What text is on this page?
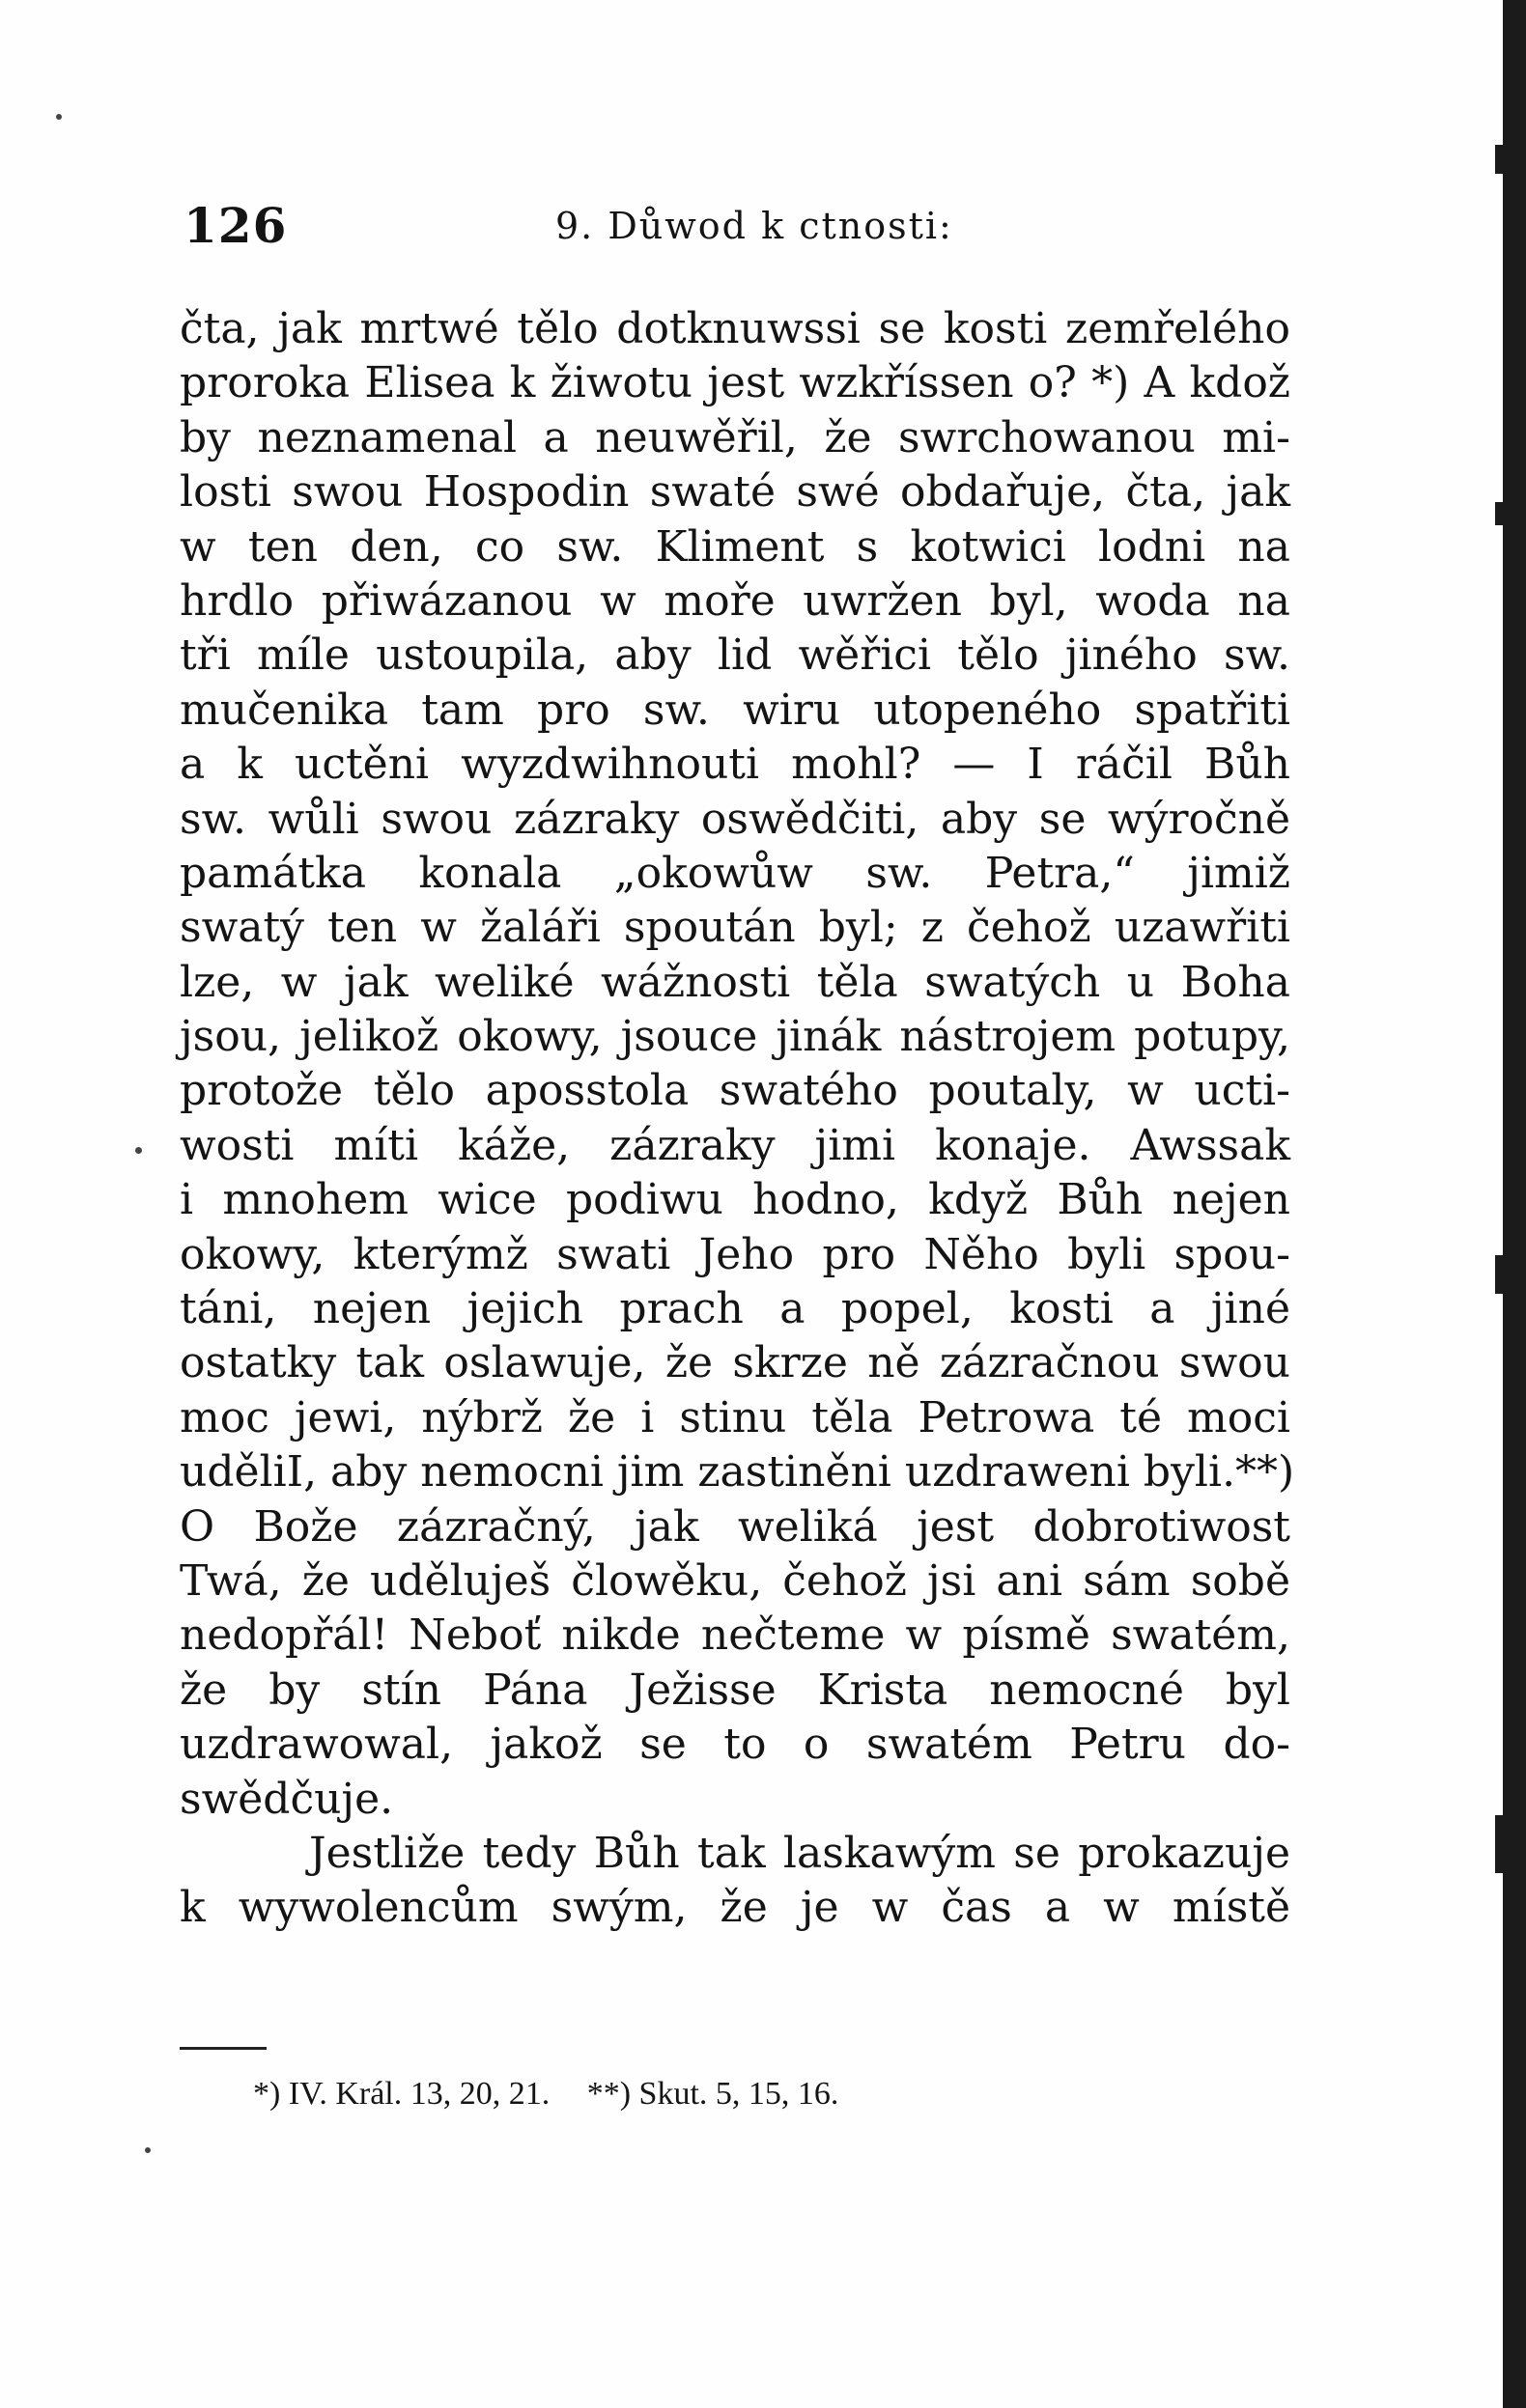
126	9. Důwod k ctnosti:
čta, jak mrtwé tělo dotknuwssi se kosti zemřelého
proroka Elisea k žiwotu jest wzkříssen o? *) A kdož
by neznamenal a neuwěřil, že swrchowanou mi-
losti swou Hospodin swaté swé obdařuje, čta, jak
w ten den, co sw. Kliment s kotwici lodni na
hrdlo přiwázanou w moře uwržen byl, woda na
tři míle ustoupila, aby lid wěřici tělo jiného sw.
mučenika tam pro sw. wiru utopeného spatřiti
a k uctěni wyzdwihnouti mohl? — I ráčil Bůh
sw. wůli swou zázraky oswědčiti, aby se wýročně
památka konala „okowůw sw. Petra,“ jimiž
swatý ten w žaláři spoután byl; z čehož uzawřiti
lze, w jak weliké wážnosti těla swatých u Boha
jsou, jelikož okowy, jsouce jinák nástrojem potupy,
protože tělo aposstola swatého poutaly, w ucti-
wosti míti káže, zázraky jimi konaje. Awssak
i mnohem wice podiwu hodno, když Bůh nejen
okowy, kterýmž swati Jeho pro Něho byli spou-
táni, nejen jejich prach a popel, kosti a jiné
ostatky tak oslawuje, že skrze ně zázračnou swou
moc jewi, nýbrž že i stinu těla Petrowa té moci
uděliI, aby nemocni jim zastiněni uzdraweni byli.**)
O Bože zázračný, jak weliká jest dobrotiwost
Twá, že uděluješ člowěku, čehož jsi ani sám sobě
nedopřál! Neboť nikde nečteme w písmě swatém,
že by stín Pána Ježisse Krista nemocné byl
uzdrawowal, jakož se to o swatém Petru do-
swědčuje.
Jestliže tedy Bůh tak laskawým se prokazuje
k wywolencům swým, že je w čas a w místě
*) IV. Král. 13, 20, 21. **) Skut. 5, 15, 16.
